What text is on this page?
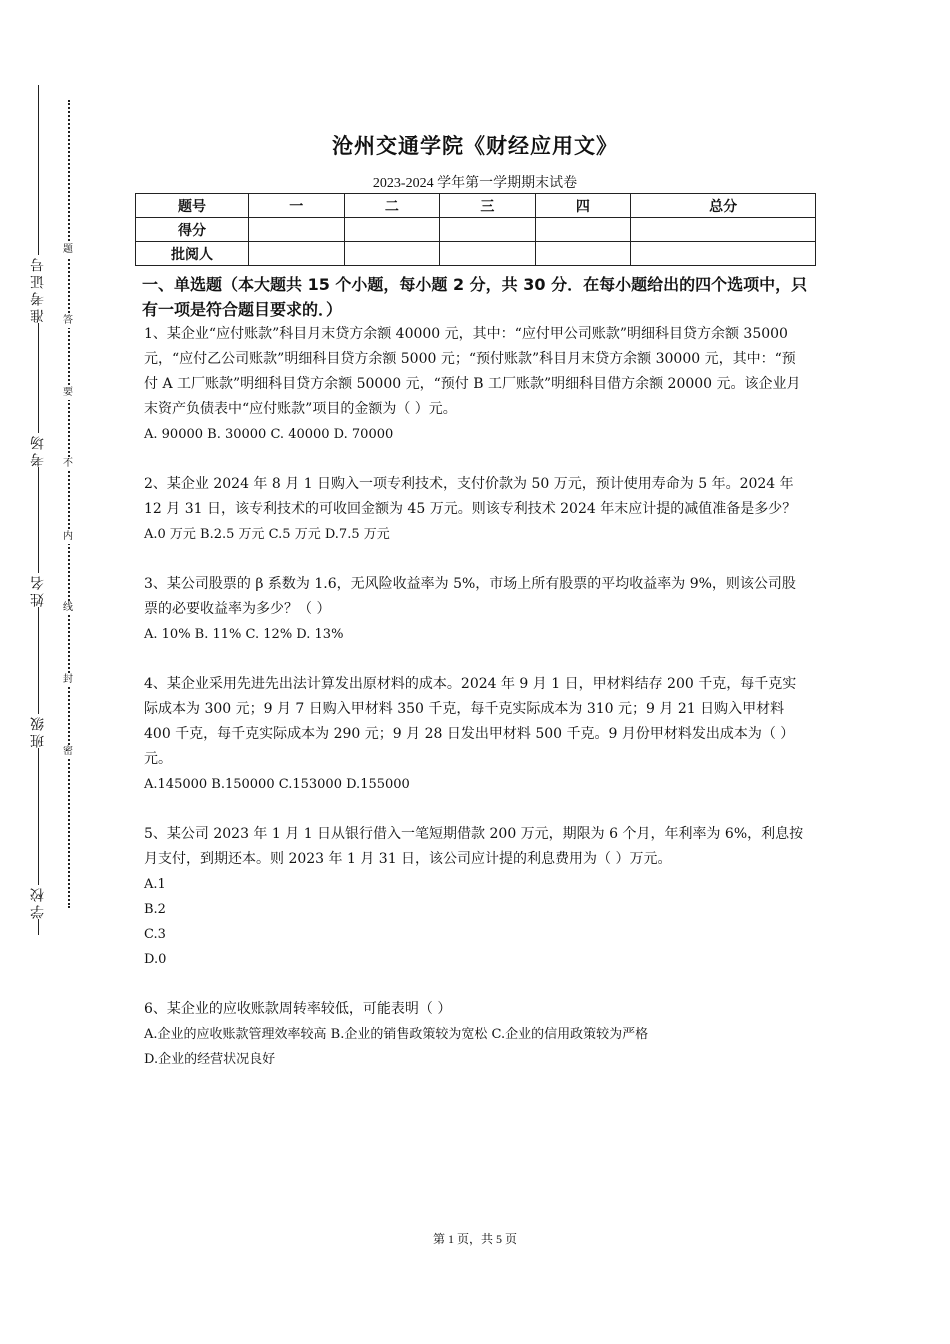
准考证号
考场
姓名
班级
学校
题
答
要
不
内
线
封
密
沧州交通学院《财经应用文》
2023-2024 学年第一学期期末试卷
题号	一	二	三	四	总分
得分					
批阅人					
一、单选题（本大题共 15 个小题，每小题 2 分，共 30 分．在每小题给出的四个选项中，只有一项是符合题目要求的．）

1、某企业“应付账款”科目月末贷方余额 40000 元，其中：“应付甲公司账款”明细科目贷方余额 35000 元，“应付乙公司账款”明细科目贷方余额 5000 元；“预付账款”科目月末贷方余额 30000 元，其中：“预付 A 工厂账款”明细科目贷方余额 50000 元，“预付 B 工厂账款”明细科目借方余额 20000 元。该企业月末资产负债表中“应付账款”项目的金额为（ ）元。

A. 90000 B. 30000 C. 40000 D. 70000

2、某企业 2024 年 8 月 1 日购入一项专利技术，支付价款为 50 万元，预计使用寿命为 5 年。2024 年 12 月 31 日，该专利技术的可收回金额为 45 万元。则该专利技术 2024 年末应计提的减值准备是多少？

A.0 万元 B.2.5 万元 C.5 万元 D.7.5 万元

3、某公司股票的 β 系数为 1.6，无风险收益率为 5%，市场上所有股票的平均收益率为 9%，则该公司股票的必要收益率为多少？（ ）

A. 10% B. 11% C. 12% D. 13%

4、某企业采用先进先出法计算发出原材料的成本。2024 年 9 月 1 日，甲材料结存 200 千克，每千克实际成本为 300 元；9 月 7 日购入甲材料 350 千克，每千克实际成本为 310 元；9 月 21 日购入甲材料 400 千克，每千克实际成本为 290 元；9 月 28 日发出甲材料 500 千克。9 月份甲材料发出成本为（ ）元。

A.145000 B.150000 C.153000 D.155000

5、某公司 2023 年 1 月 1 日从银行借入一笔短期借款 200 万元，期限为 6 个月，年利率为 6%，利息按月支付，到期还本。则 2023 年 1 月 31 日，该公司应计提的利息费用为（ ）万元。

A.1
B.2
C.3
D.0

6、某企业的应收账款周转率较低，可能表明（ ）

A.企业的应收账款管理效率较高 B.企业的销售政策较为宽松 C.企业的信用政策较为严格
D.企业的经营状况良好
第 1 页，共 5 页
